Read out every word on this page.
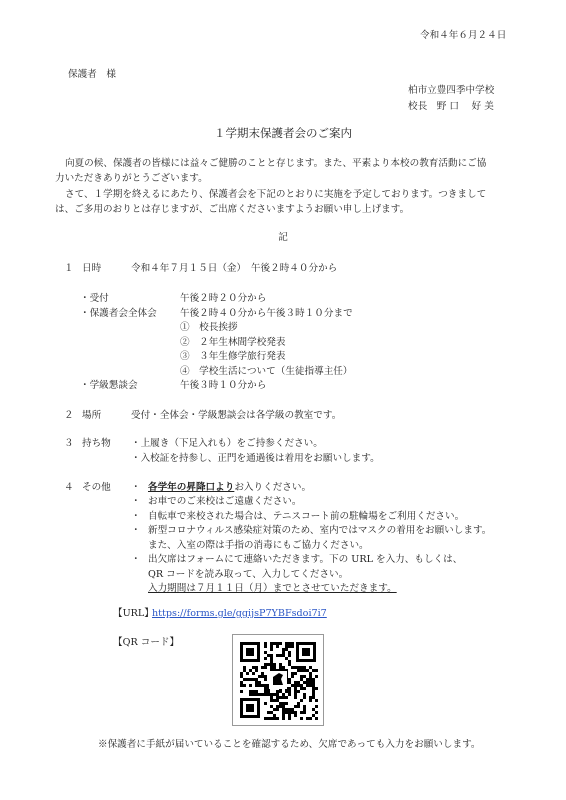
令和４年６月２４日
保護者　様
柏市立豊四季中学校
校長　野 口　 好 美
１学期末保護者会のご案内
向夏の候、保護者の皆様には益々ご健勝のことと存じます。また、平素より本校の教育活動にご協
力いただきありがとうございます。
さて、１学期を終えるにあたり、保護者会を下記のとおりに実施を予定しております。つきまして
は、ご多用のおりとは存じますが、ご出席くださいますようお願い申し上げます。
記
１ 日時	令和４年７月１５日（金）　午後２時４０分から
・受付	午後２時２０分から
・保護者会全体会 午後２時４０分から午後３時１０分まで
①　校長挨拶
②　２年生林間学校発表
③　３年生修学旅行発表
④　学校生活について（生徒指導主任）
・学級懇談会	午後３時１０分から
２ 場所	受付・全体会・学級懇談会は各学級の教室です。
３ 持ち物 ・上履き（下足入れも）をご持参ください。
・入校証を持参し、正門を通過後は着用をお願いします。
４ その他 ・ 各学年の昇降口よりお入りください。
・ お車でのご来校はご遠慮ください。
・ 自転車で来校された場合は、テニスコート前の駐輪場をご利用ください。
・ 新型コロナウィルス感染症対策のため、室内ではマスクの着用をお願いします。
また、入室の際は手指の消毒にもご協力ください。
・ 出欠席はフォームにて連絡いただきます。下の URL を入力、もしくは、
QR コードを読み取って、入力してください。
入力期間は７月１１日（月）までとさせていただきます。
【URL】
https://forms.gle/ggijsP7YBFsdoi7i7
【QR コード】
※保護者に手紙が届いていることを確認するため、欠席であっても入力をお願いします。
